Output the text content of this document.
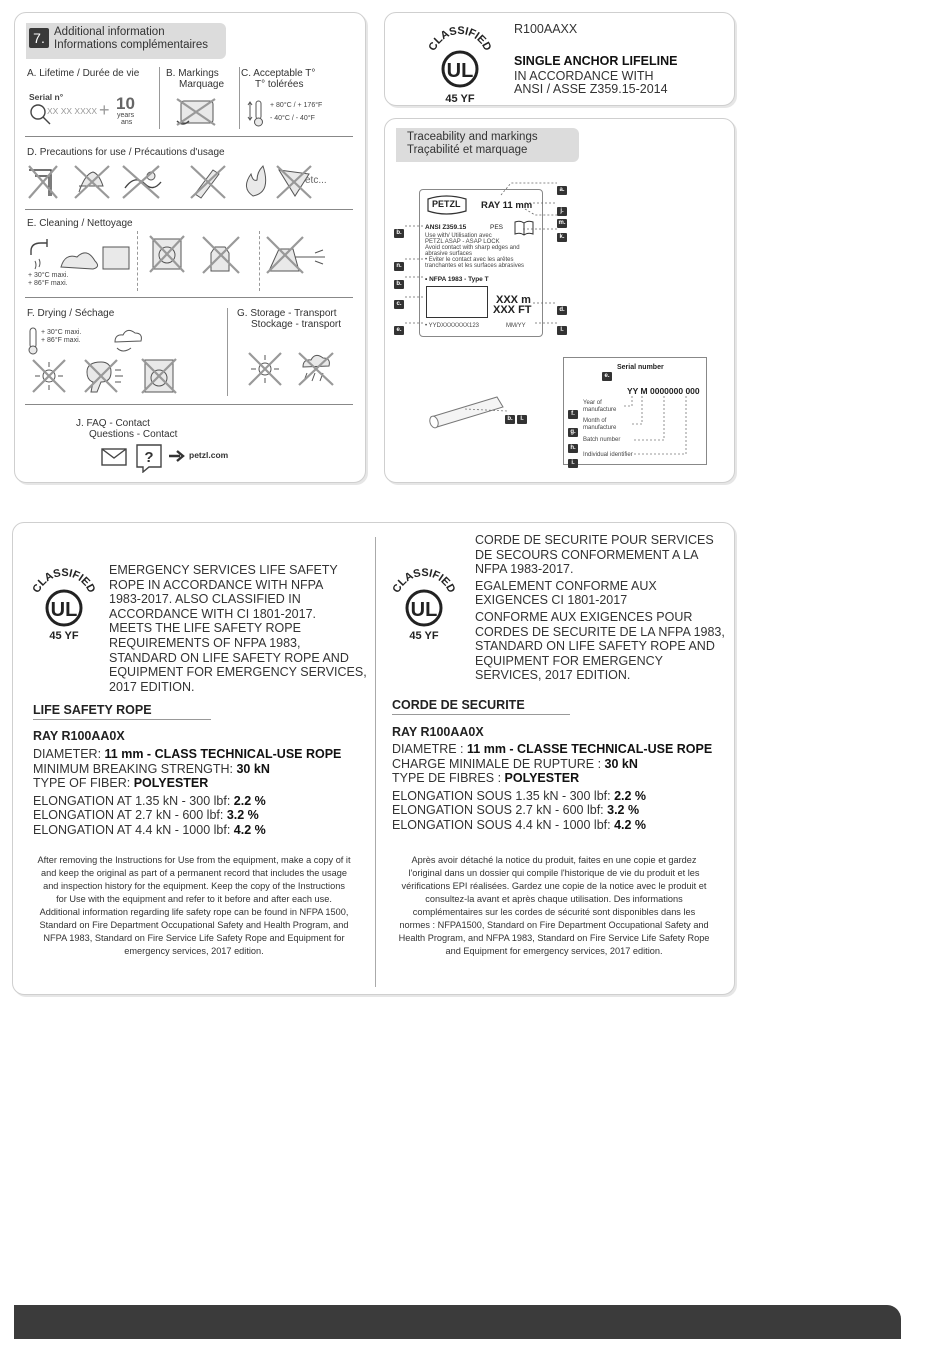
7. Additional information
Informations complémentaires
A. Lifetime / Durée de vie
Serial n°
XX XX XXXX + 10
years
ans
B. Markings
Marquage
C. Acceptable T°
T° tolérées
+ 80°C / + 176°F
- 40°C / - 40°F
D. Precautions for use / Précautions d'usage
etc...
E. Cleaning / Nettoyage
+ 30°C maxi.
+ 86°F maxi.
F. Drying / Séchage
+ 30°C maxi.
+ 86°F maxi.
G. Storage - Transport
Stockage - transport
J. FAQ - Contact
Questions - Contact
?	petzl.com
CLASSIFIED
UL
45 YF
R100AAXX
SINGLE ANCHOR LIFELINE
IN ACCORDANCE WITH
ANSI / ASSE Z359.15-2014
Traceability and markings
Traçabilité et marquage
PETZL RAY 11 mm
ANSI Z359.15	PES
Use with/ Utilisation avec
PETZL ASAP - ASAP LOCK
Avoid contact with sharp edges and
abrasive surfaces
• Eviter le contact avec les arêtes
tranchantes et les surfaces abrasives
• NFPA 1983 - Type T
XXX m
XXX FT
• YYDXXXXXXX123	MM/YY
a.
j.
m.
k.
b.
n.
b.
c.
d.
e.	l.
b.	l.
e.
Serial number
YY M 0000000 000
f.
Year of
manufacture
g.
Month of
manufacture
h.
Batch number
i.
Individual identifier
CLASSIFIED
UL
45 YF
EMERGENCY SERVICES LIFE SAFETY
ROPE IN ACCORDANCE WITH NFPA
1983-2017. ALSO CLASSIFIED IN
ACCORDANCE WITH CI 1801-2017.
MEETS THE LIFE SAFETY ROPE
REQUIREMENTS OF NFPA 1983,
STANDARD ON LIFE SAFETY ROPE AND
EQUIPMENT FOR EMERGENCY SERVICES,
2017 EDITION.
LIFE SAFETY ROPE
RAY R100AA0X
DIAMETER: 11 mm - CLASS TECHNICAL-USE ROPE
MINIMUM BREAKING STRENGTH: 30 kN
TYPE OF FIBER: POLYESTER
ELONGATION AT 1.35 kN - 300 lbf: 2.2 %
ELONGATION AT 2.7 kN - 600 lbf: 3.2 %
ELONGATION AT 4.4 kN - 1000 lbf: 4.2 %
After removing the Instructions for Use from the equipment, make a copy of it
and keep the original as part of a permanent record that includes the usage
and inspection history for the equipment. Keep the copy of the Instructions
for Use with the equipment and refer to it before and after each use.
Additional information regarding life safety rope can be found in NFPA 1500,
Standard on Fire Department Occupational Safety and Health Program, and
NFPA 1983, Standard on Fire Service Life Safety Rope and Equipment for
emergency services, 2017 edition.
CLASSIFIED
UL
45 YF
CORDE DE SECURITE POUR SERVICES
DE SECOURS CONFORMEMENT A LA
NFPA 1983-2017.
EGALEMENT CONFORME AUX
EXIGENCES CI 1801-2017
CONFORME AUX EXIGENCES POUR
CORDES DE SECURITE DE LA NFPA 1983,
STANDARD ON LIFE SAFETY ROPE AND
EQUIPMENT FOR EMERGENCY
SERVICES, 2017 EDITION.
CORDE DE SECURITE
RAY R100AA0X
DIAMETRE : 11 mm - CLASSE TECHNICAL-USE ROPE
CHARGE MINIMALE DE RUPTURE : 30 kN
TYPE DE FIBRES : POLYESTER
ELONGATION SOUS 1.35 kN - 300 lbf: 2.2 %
ELONGATION SOUS 2.7 kN - 600 lbf: 3.2 %
ELONGATION SOUS 4.4 kN - 1000 lbf: 4.2 %
Après avoir détaché la notice du produit, faites en une copie et gardez
l'original dans un dossier qui compile l'historique de vie du produit et les
vérifications EPI réalisées. Gardez une copie de la notice avec le produit et
consultez-la avant et après chaque utilisation. Des informations
complémentaires sur les cordes de sécurité sont disponibles dans les
normes : NFPA1500, Standard on Fire Department Occupational Safety and
Health Program, and NFPA 1983, Standard on Fire Service Life Safety Rope
and Equipment for emergency services, 2017 edition.
